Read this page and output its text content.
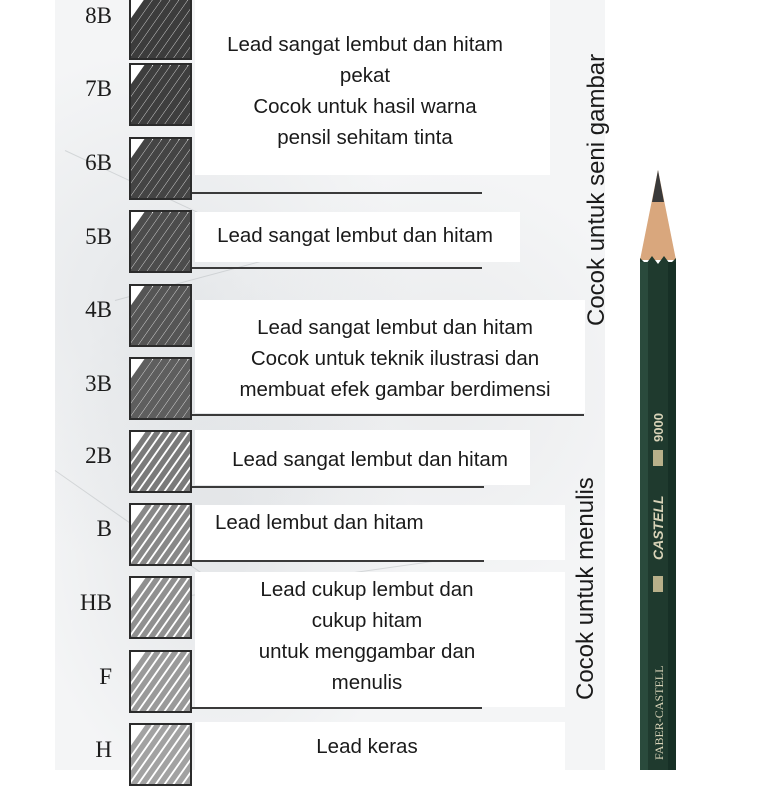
8B
7B
6B
5B
4B
3B
2B
B
HB
F
H
Lead sangat lembut dan hitam
pekat
Cocok untuk hasil warna
pensil sehitam tinta
Lead sangat lembut dan hitam
Lead sangat lembut dan hitam
Cocok untuk teknik ilustrasi dan
membuat efek gambar berdimensi
Lead sangat lembut dan hitam
Lead lembut dan hitam
Lead cukup lembut dan
cukup hitam
untuk menggambar dan
menulis
Lead keras
Cocok untuk seni gambar
Cocok untuk menulis
9000
CASTELL
FABER-CASTELL
